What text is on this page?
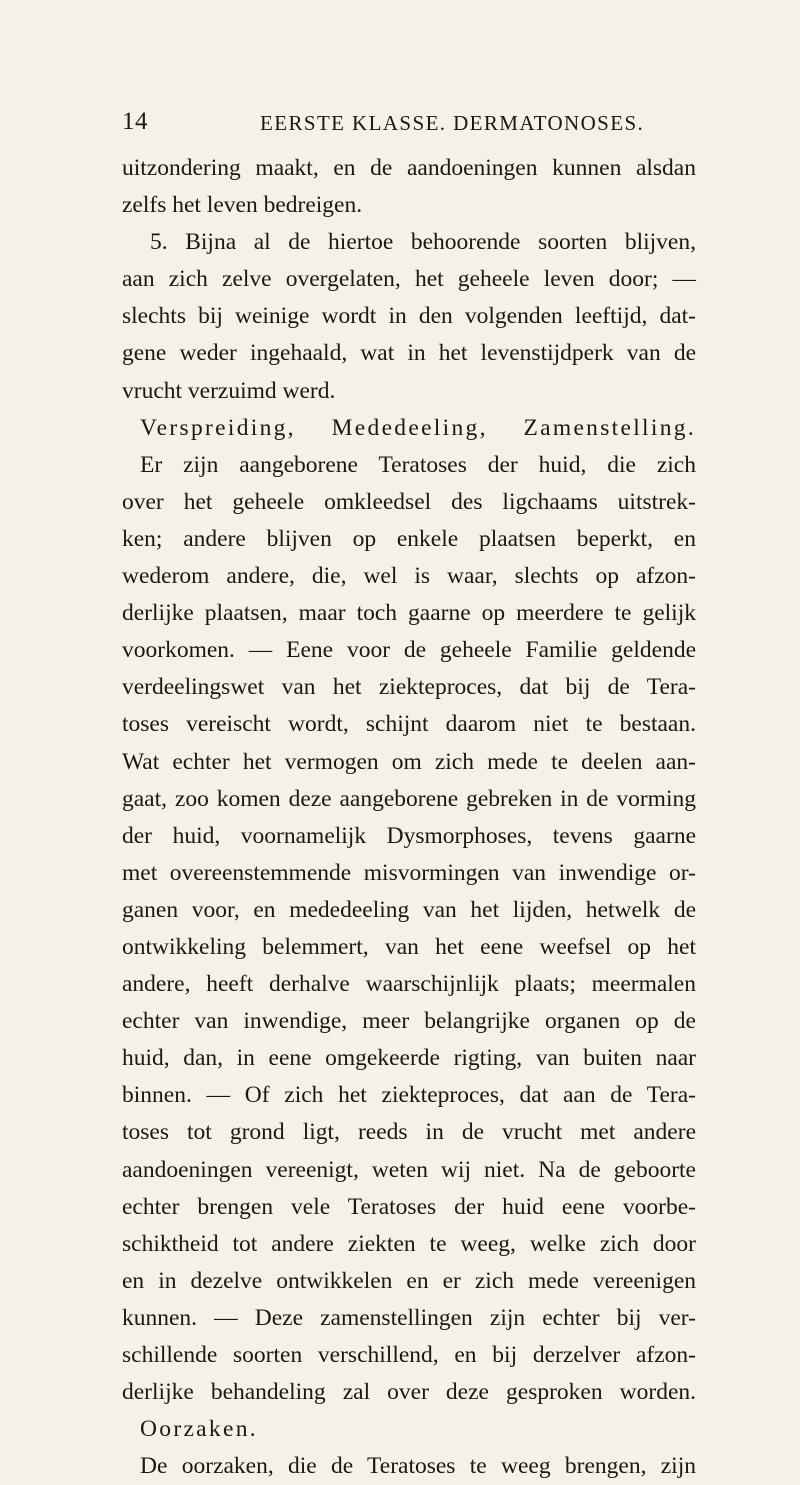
14	EERSTE KLASSE. DERMATONOSES.
uitzondering maakt, en de aandoeningen kunnen alsdan
zelfs het leven bedreigen.
5. Bijna al de hiertoe behoorende soorten blijven,
aan zich zelve overgelaten, het geheele leven door; —
slechts bij weinige wordt in den volgenden leeftijd, dat-
gene weder ingehaald, wat in het levenstijdperk van de
vrucht verzuimd werd.
Verspreiding, Mededeeling, Zamenstelling.
Er zijn aangeborene Teratoses der huid, die zich
over het geheele omkleedsel des ligchaams uitstrek-
ken; andere blijven op enkele plaatsen beperkt, en
wederom andere, die, wel is waar, slechts op afzon-
derlijke plaatsen, maar toch gaarne op meerdere te gelijk
voorkomen. — Eene voor de geheele Familie geldende
verdeelingswet van het ziekteproces, dat bij de Tera-
toses vereischt wordt, schijnt daarom niet te bestaan.
Wat echter het vermogen om zich mede te deelen aan-
gaat, zoo komen deze aangeborene gebreken in de vorming
der huid, voornamelijk Dysmorphoses, tevens gaarne
met overeenstemmende misvormingen van inwendige or-
ganen voor, en mededeeling van het lijden, hetwelk de
ontwikkeling belemmert, van het eene weefsel op het
andere, heeft derhalve waarschijnlijk plaats; meermalen
echter van inwendige, meer belangrijke organen op de
huid, dan, in eene omgekeerde rigting, van buiten naar
binnen. — Of zich het ziekteproces, dat aan de Tera-
toses tot grond ligt, reeds in de vrucht met andere
aandoeningen vereenigt, weten wij niet. Na de geboorte
echter brengen vele Teratoses der huid eene voorbe-
schiktheid tot andere ziekten te weeg, welke zich door
en in dezelve ontwikkelen en er zich mede vereenigen
kunnen. — Deze zamenstellingen zijn echter bij ver-
schillende soorten verschillend, en bij derzelver afzon-
derlijke behandeling zal over deze gesproken worden.
Oorzaken.
De oorzaken, die de Teratoses te weeg brengen, zijn
